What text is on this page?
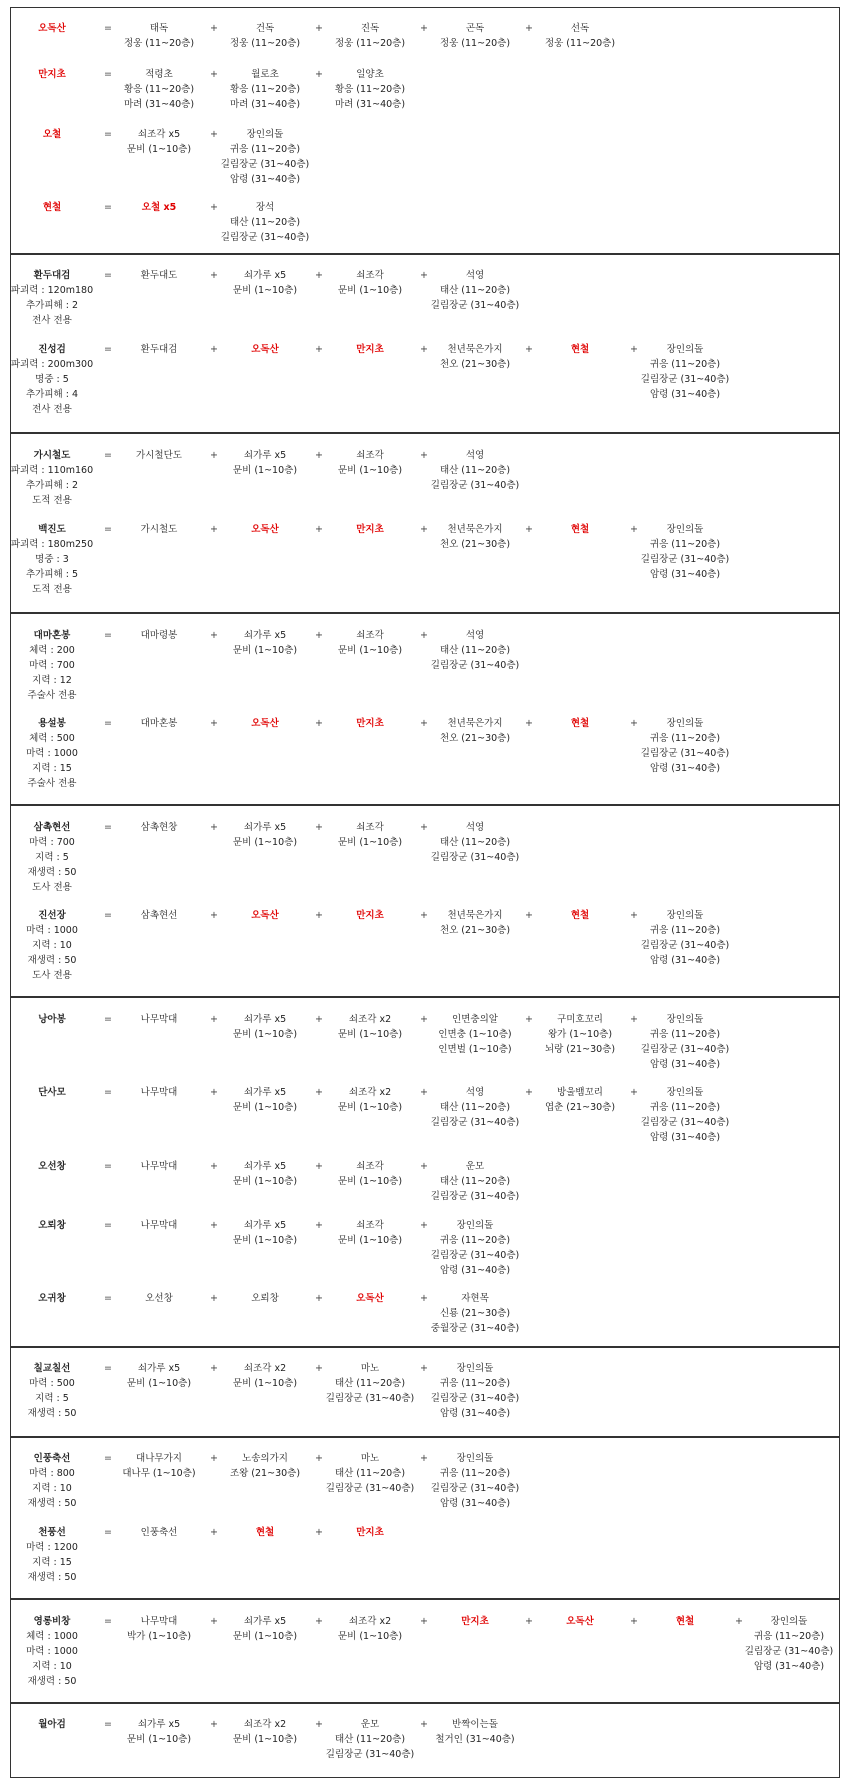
오독산	=	태독
정웅 (11~20층)
+	건독
정웅 (11~20층)
+	진독
정웅 (11~20층)
+	곤독
정웅 (11~20층)
+	선독
정웅 (11~20층)
만지초	=	적령초
황응 (11~20층)
마려 (31~40층)
+	월로초
황응 (11~20층)
마려 (31~40층)
+	일양초
황응 (11~20층)
마려 (31~40층)
오철	=	쇠조각 x5
문비 (1~10층)
+	장인의돌
귀응 (11~20층)
길림장군 (31~40층)
암령 (31~40층)
현철	=	오철 x5	+	장석
태산 (11~20층)
길림장군 (31~40층)
환두대검
파괴력 : 120m180
추가피해 : 2
전사 전용
=	환두대도	+	쇠가루 x5
문비 (1~10층)
+	쇠조각
문비 (1~10층)
+	석영
태산 (11~20층)
길림장군 (31~40층)
진성검
파괴력 : 200m300
명중 : 5
추가피해 : 4
전사 전용
=	환두대검	+	오독산	+	만지초	+	천년묵은가지
천오 (21~30층)
+	현철	+	장인의돌
귀응 (11~20층)
길림장군 (31~40층)
암령 (31~40층)
가시철도
파괴력 : 110m160
추가피해 : 2
도적 전용
=	가시철단도	+	쇠가루 x5
문비 (1~10층)
+	쇠조각
문비 (1~10층)
+	석영
태산 (11~20층)
길림장군 (31~40층)
백진도
파괴력 : 180m250
명중 : 3
추가피해 : 5
도적 전용
=	가시철도	+	오독산	+	만지초	+	천년묵은가지
천오 (21~30층)
+	현철	+	장인의돌
귀응 (11~20층)
길림장군 (31~40층)
암령 (31~40층)
대마혼봉
체력 : 200
마력 : 700
지력 : 12
주술사 전용
=	대마령봉	+	쇠가루 x5
문비 (1~10층)
+	쇠조각
문비 (1~10층)
+	석영
태산 (11~20층)
길림장군 (31~40층)
용설봉
체력 : 500
마력 : 1000
지력 : 15
주술사 전용
=	대마혼봉	+	오독산	+	만지초	+	천년묵은가지
천오 (21~30층)
+	현철	+	장인의돌
귀응 (11~20층)
길림장군 (31~40층)
암령 (31~40층)
삼촉현선
마력 : 700
지력 : 5
재생력 : 50
도사 전용
=	삼촉현창	+	쇠가루 x5
문비 (1~10층)
+	쇠조각
문비 (1~10층)
+	석영
태산 (11~20층)
길림장군 (31~40층)
진선장
마력 : 1000
지력 : 10
재생력 : 50
도사 전용
=	삼촉현선	+	오독산	+	만지초	+	천년묵은가지
천오 (21~30층)
+	현철	+	장인의돌
귀응 (11~20층)
길림장군 (31~40층)
암령 (31~40층)
낭아봉	=	나무막대	+	쇠가루 x5
문비 (1~10층)
+	쇠조각 x2
문비 (1~10층)
+	인면충의알
인면충 (1~10층)
인면벌 (1~10층)
+	구미호꼬리
왕가 (1~10층)
뇌랑 (21~30층)
+	장인의돌
귀응 (11~20층)
길림장군 (31~40층)
암령 (31~40층)
단사모	=	나무막대	+	쇠가루 x5
문비 (1~10층)
+	쇠조각 x2
문비 (1~10층)
+	석영
태산 (11~20층)
길림장군 (31~40층)
+	방울뱀꼬리
엽춘 (21~30층)
+	장인의돌
귀응 (11~20층)
길림장군 (31~40층)
암령 (31~40층)
오선창	=	나무막대	+	쇠가루 x5
문비 (1~10층)
+	쇠조각
문비 (1~10층)
+	운모
태산 (11~20층)
길림장군 (31~40층)
오뢰창	=	나무막대	+	쇠가루 x5
문비 (1~10층)
+	쇠조각
문비 (1~10층)
+	장인의돌
귀응 (11~20층)
길림장군 (31~40층)
암령 (31~40층)
오귀창	=	오선창	+	오뢰창	+	오독산	+	자현목
신룡 (21~30층)
중월장군 (31~40층)
칠교칠선
마력 : 500
지력 : 5
재생력 : 50
=	쇠가루 x5
문비 (1~10층)
+	쇠조각 x2
문비 (1~10층)
+	마노
태산 (11~20층)
길림장군 (31~40층)
+	장인의돌
귀응 (11~20층)
길림장군 (31~40층)
암령 (31~40층)
인풍축선
마력 : 800
지력 : 10
재생력 : 50
=	대나무가지
대나무 (1~10층)
+	노송의가지
조왕 (21~30층)
+	마노
태산 (11~20층)
길림장군 (31~40층)
+	장인의돌
귀응 (11~20층)
길림장군 (31~40층)
암령 (31~40층)
천풍선
마력 : 1200
지력 : 15
재생력 : 50
=	인풍축선	+	현철	+	만지초
영롱비창
체력 : 1000
마력 : 1000
지력 : 10
재생력 : 50
=	나무막대
박가 (1~10층)
+	쇠가루 x5
문비 (1~10층)
+	쇠조각 x2
문비 (1~10층)
+	만지초	+	오독산	+	현철	+	장인의돌
귀응 (11~20층)
길림장군 (31~40층)
암령 (31~40층)
월아검	=	쇠가루 x5
문비 (1~10층)
+	쇠조각 x2
문비 (1~10층)
+	운모
태산 (11~20층)
길림장군 (31~40층)
+	반짝이는돌
철거인 (31~40층)
